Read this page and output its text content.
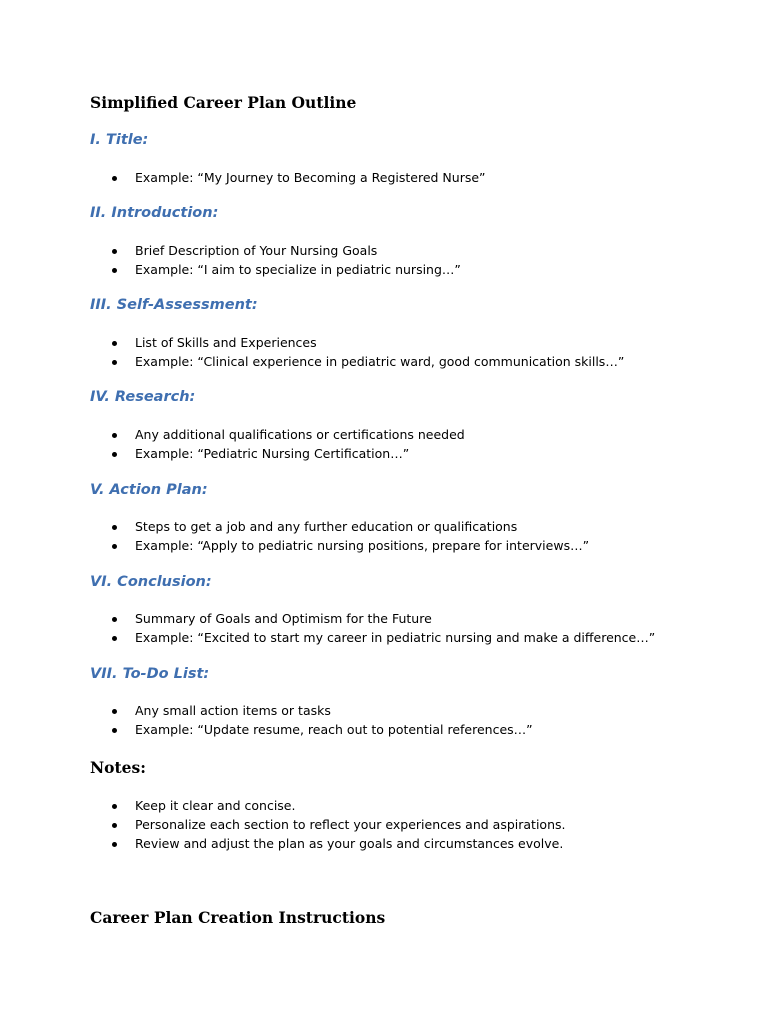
Simplified Career Plan Outline
I. Title:
Example: “My Journey to Becoming a Registered Nurse”
II. Introduction:
Brief Description of Your Nursing Goals
Example: “I aim to specialize in pediatric nursing…”
III. Self-Assessment:
List of Skills and Experiences
Example: “Clinical experience in pediatric ward, good communication skills…”
IV. Research:
Any additional qualifications or certifications needed
Example: “Pediatric Nursing Certification…”
V. Action Plan:
Steps to get a job and any further education or qualifications
Example: “Apply to pediatric nursing positions, prepare for interviews…”
VI. Conclusion:
Summary of Goals and Optimism for the Future
Example: “Excited to start my career in pediatric nursing and make a difference…”
VII. To-Do List:
Any small action items or tasks
Example: “Update resume, reach out to potential references…”
Notes:
Keep it clear and concise.
Personalize each section to reflect your experiences and aspirations.
Review and adjust the plan as your goals and circumstances evolve.
Career Plan Creation Instructions
